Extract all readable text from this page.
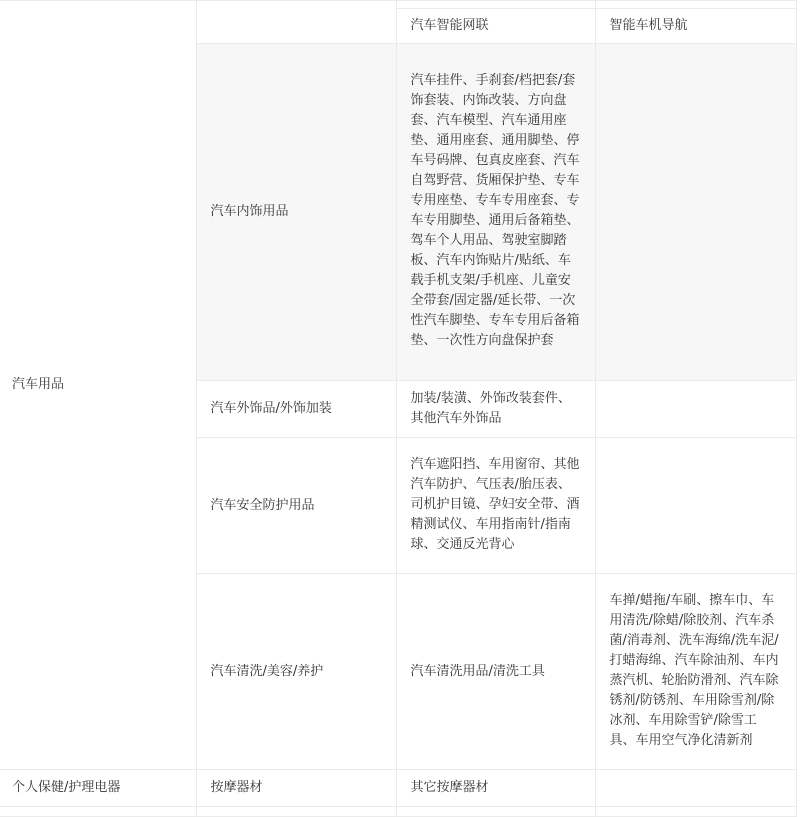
汽车用品			
		汽车智能网联	智能车机导航
	汽车内饰用品	汽车挂件、手刹套/档把套/套饰套装、内饰改装、方向盘套、汽车模型、汽车通用座垫、通用座套、通用脚垫、停车号码牌、包真皮座套、汽车自驾野营、货厢保护垫、专车专用座垫、专车专用座套、专车专用脚垫、通用后备箱垫、驾车个人用品、驾驶室脚踏板、汽车内饰贴片/贴纸、车载手机支架/手机座、儿童安全带套/固定器/延长带、一次性汽车脚垫、专车专用后备箱垫、一次性方向盘保护套	
	汽车外饰品/外饰加装	加装/装潢、外饰改装套件、其他汽车外饰品	
	汽车安全防护用品	汽车遮阳挡、车用窗帘、其他汽车防护、气压表/胎压表、司机护目镜、孕妇安全带、酒精测试仪、车用指南针/指南球、交通反光背心	
	汽车清洗/美容/养护	汽车清洗用品/清洗工具	车掸/蜡拖/车刷、擦车巾、车用清洗/除蜡/除胶剂、汽车杀菌/消毒剂、洗车海绵/洗车泥/打蜡海绵、汽车除油剂、车内蒸汽机、轮胎防滑剂、汽车除锈剂/防锈剂、车用除雪剂/除冰剂、车用除雪铲/除雪工具、车用空气净化清新剂
个人保健/护理电器	按摩器材	其它按摩器材	
